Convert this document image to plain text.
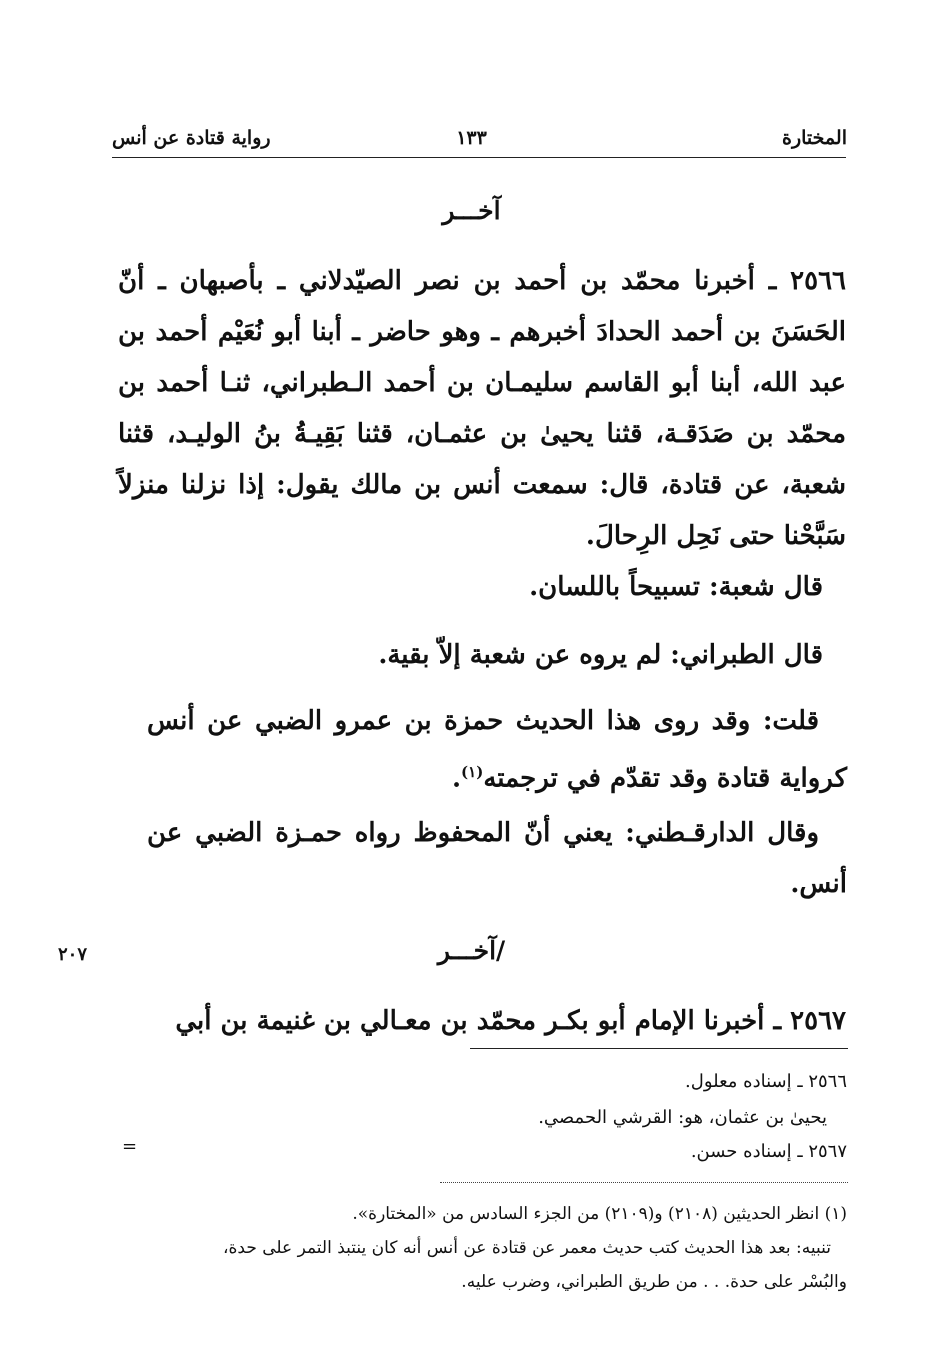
المختارة
١٣٣
رواية قتادة عن أنس
آخـــر
٢٥٦٦ ـ أخبرنا محمّد بن أحمد بن نصر الصيّدلاني ـ بأصبهان ـ أنّ الحَسَنَ بن أحمد الحدادَ أخبرهم ـ وهو حاضر ـ أبنا أبو نُعَيْم أحمد بن عبد الله، أبنا أبو القاسم سليمـان بن أحمد الـطبراني، ثنـا أحمد بن محمّد بن صَدَقـة، قثنا يحيىٰ بن عثمـان، قثنا بَقِيـةُ بنُ الوليـد، قثنا شعبة، عن قتادة، قال: سمعت أنس بن مالك يقول: إذا نزلنا منزلاً سَبَّحْنا حتى نَحِل الرِحالَ.
قال شعبة: تسبيحاً باللسان.
قال الطبراني: لم يروه عن شعبة إلاّ بقية.
قلت: وقد روى هذا الحديث حمزة بن عمرو الضبي عن أنس كرواية قتادة وقد تقدّم في ترجمته$^{(١)}$.
وقال الدارقـطني: يعني أنّ المحفوظ رواه حمـزة الضبي عن أنس.
٢٠٧	/آخـــر
٢٥٦٧ ـ أخبرنا الإمام أبو بكـر محمّد بن معـالي بن غنيمة بن أبي
٢٥٦٦ ـ إسناده معلول.
يحيىٰ بن عثمان، هو: القرشي الحمصي.
٢٥٦٧ ـ إسناده حسن.
=
(١) انظر الحديثين (٢١٠٨) و(٢١٠٩) من الجزء السادس من «المختارة».
تنبيه: بعد هذا الحديث كتب حديث معمر عن قتادة عن أنس أنه كان ينتبذ التمر على حدة،
والبُسْر على حدة. . . من طريق الطبراني، وضرب عليه.
